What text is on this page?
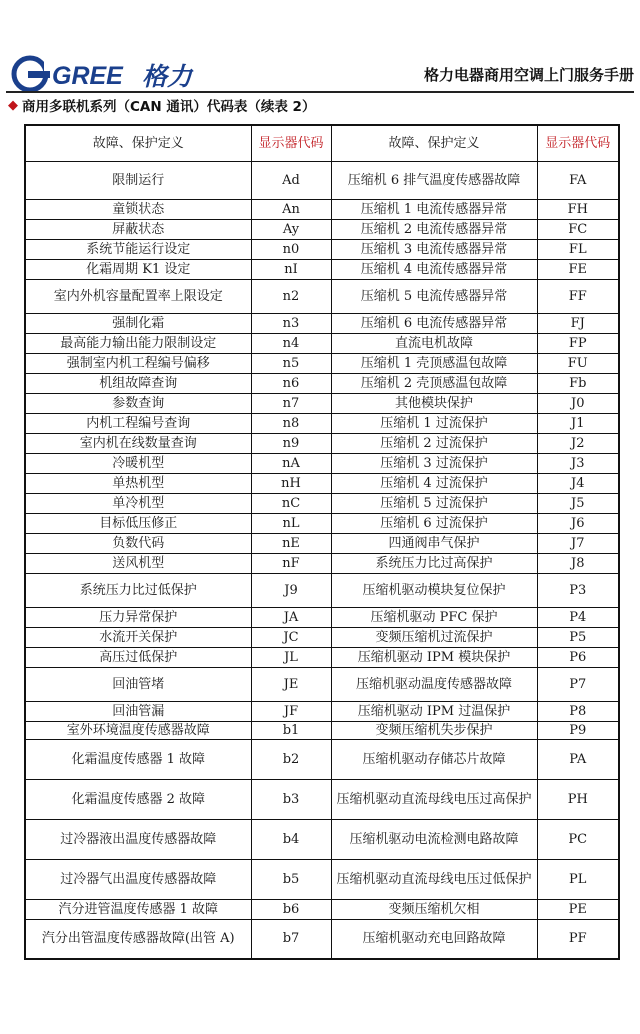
GREE 格力	格力电器商用空调上门服务手册
◆ 商用多联机系列（CAN 通讯）代码表（续表 2）
故障、保护定义	显示器代码	故障、保护定义	显示器代码
限制运行	Ad	压缩机 6 排气温度传感器故障	FA
童锁状态	An	压缩机 1 电流传感器异常	FH
屏蔽状态	Ay	压缩机 2 电流传感器异常	FC
系统节能运行设定	n0	压缩机 3 电流传感器异常	FL
化霜周期 K1 设定	nI	压缩机 4 电流传感器异常	FE
室内外机容量配置率上限设定	n2	压缩机 5 电流传感器异常	FF
强制化霜	n3	压缩机 6 电流传感器异常	FJ
最高能力输出能力限制设定	n4	直流电机故障	FP
强制室内机工程编号偏移	n5	压缩机 1 壳顶感温包故障	FU
机组故障查询	n6	压缩机 2 壳顶感温包故障	Fb
参数查询	n7	其他模块保护	J0
内机工程编号查询	n8	压缩机 1 过流保护	J1
室内机在线数量查询	n9	压缩机 2 过流保护	J2
冷暖机型	nA	压缩机 3 过流保护	J3
单热机型	nH	压缩机 4 过流保护	J4
单冷机型	nC	压缩机 5 过流保护	J5
目标低压修正	nL	压缩机 6 过流保护	J6
负数代码	nE	四通阀串气保护	J7
送风机型	nF	系统压力比过高保护	J8
系统压力比过低保护	J9	压缩机驱动模块复位保护	P3
压力异常保护	JA	压缩机驱动 PFC 保护	P4
水流开关保护	JC	变频压缩机过流保护	P5
高压过低保护	JL	压缩机驱动 IPM 模块保护	P6
回油管堵	JE	压缩机驱动温度传感器故障	P7
回油管漏	JF	压缩机驱动 IPM 过温保护	P8
室外环境温度传感器故障	b1	变频压缩机失步保护	P9
化霜温度传感器 1 故障	b2	压缩机驱动存储芯片故障	PA
化霜温度传感器 2 故障	b3	压缩机驱动直流母线电压过高保护	PH
过冷器液出温度传感器故障	b4	压缩机驱动电流检测电路故障	PC
过冷器气出温度传感器故障	b5	压缩机驱动直流母线电压过低保护	PL
汽分进管温度传感器 1 故障	b6	变频压缩机欠相	PE
汽分出管温度传感器故障(出管 A)	b7	压缩机驱动充电回路故障	PF
